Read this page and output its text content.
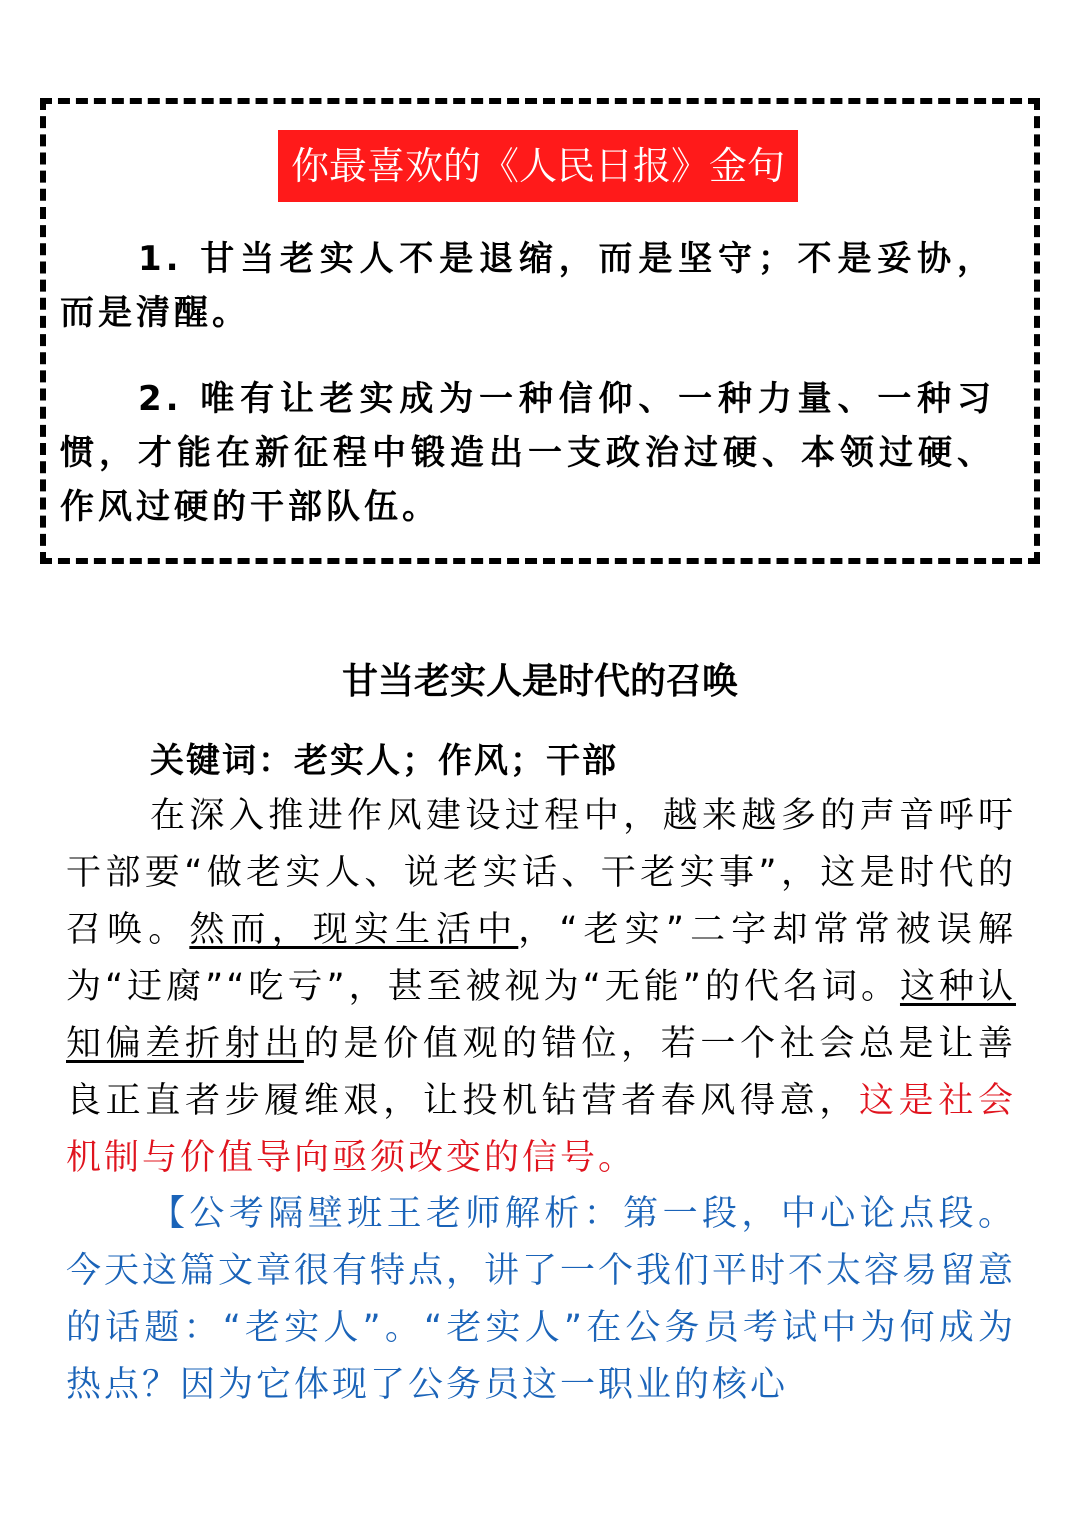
你最喜欢的《人民日报》金句

1. 甘当老实人不是退缩，而是坚守；不是妥协，而是清醒。

2. 唯有让老实成为一种信仰、一种力量、一种习惯，才能在新征程中锻造出一支政治过硬、本领过硬、作风过硬的干部队伍。

甘当老实人是时代的召唤

关键词：老实人；作风；干部

在深入推进作风建设过程中，越来越多的声音呼吁干部要“做老实人、说老实话、干老实事”，这是时代的召唤。然而，现实生活中，“老实”二字却常常被误解为“迂腐”“吃亏”，甚至被视为“无能”的代名词。这种认知偏差折射出的是价值观的错位，若一个社会总是让善良正直者步履维艰，让投机钻营者春风得意，这是社会机制与价值导向亟须改变的信号。

【公考隔壁班王老师解析：第一段，中心论点段。今天这篇文章很有特点，讲了一个我们平时不太容易留意的话题：“老实人”。“老实人”在公务员考试中为何成为热点？因为它体现了公务员这一职业的核心
